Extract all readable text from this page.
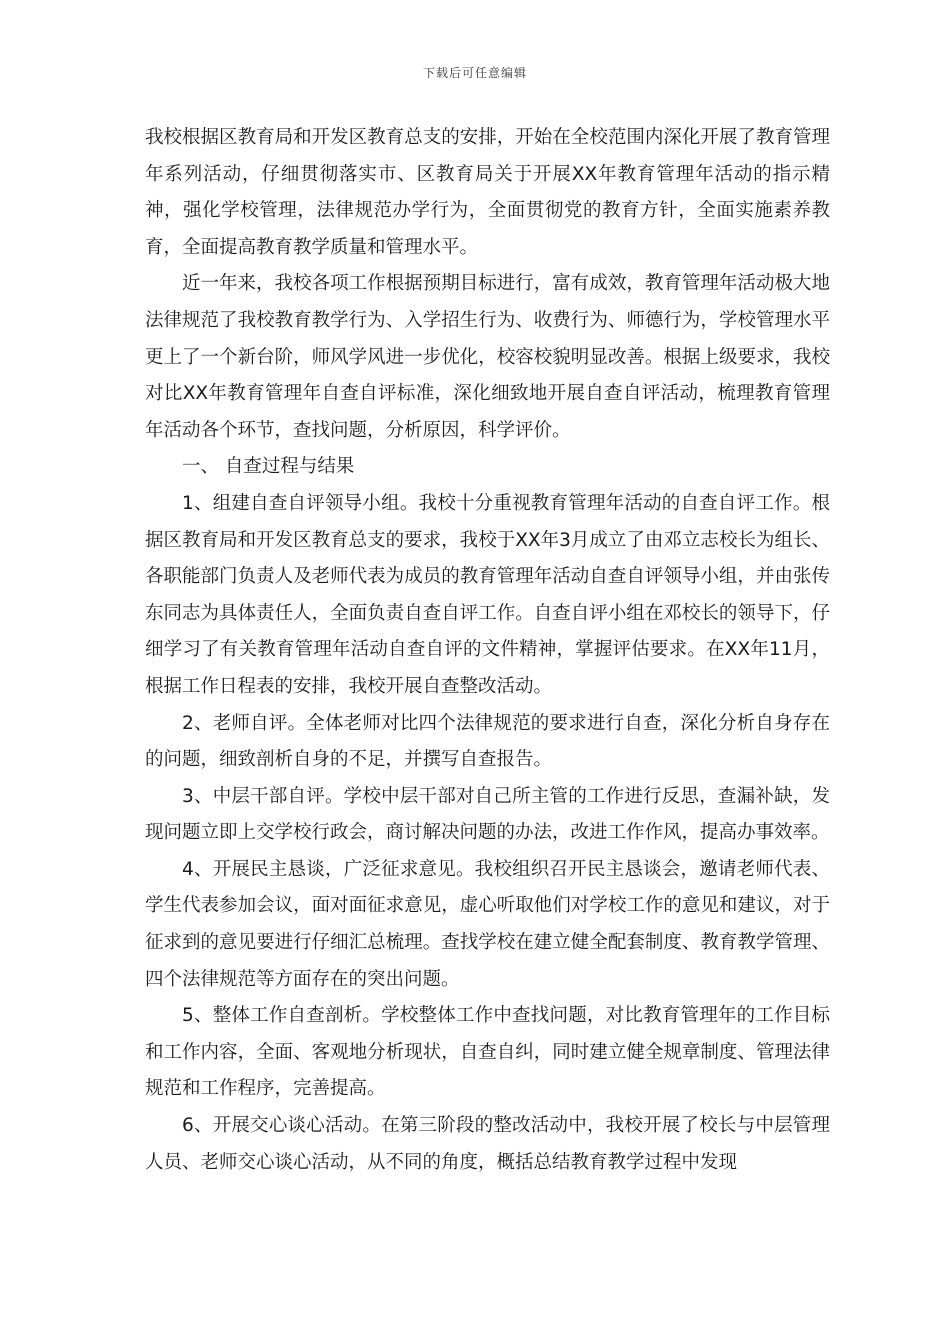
下载后可任意编辑

我校根据区教育局和开发区教育总支的安排，开始在全校范围内深化开展了教育管理年系列活动，仔细贯彻落实市、区教育局关于开展XX年教育管理年活动的指示精神，强化学校管理，法律规范办学行为，全面贯彻党的教育方针，全面实施素养教育，全面提高教育教学质量和管理水平。

近一年来，我校各项工作根据预期目标进行，富有成效，教育管理年活动极大地法律规范了我校教育教学行为、入学招生行为、收费行为、师德行为，学校管理水平更上了一个新台阶，师风学风进一步优化，校容校貌明显改善。根据上级要求，我校对比XX年教育管理年自查自评标准，深化细致地开展自查自评活动，梳理教育管理年活动各个环节，查找问题，分析原因，科学评价。

一、 自查过程与结果

1、组建自查自评领导小组。我校十分重视教育管理年活动的自查自评工作。根据区教育局和开发区教育总支的要求，我校于XX年3月成立了由邓立志校长为组长、各职能部门负责人及老师代表为成员的教育管理年活动自查自评领导小组，并由张传东同志为具体责任人，全面负责自查自评工作。自查自评小组在邓校长的领导下，仔细学习了有关教育管理年活动自查自评的文件精神，掌握评估要求。在XX年11月，根据工作日程表的安排，我校开展自查整改活动。

2、老师自评。全体老师对比四个法律规范的要求进行自查，深化分析自身存在的问题，细致剖析自身的不足，并撰写自查报告。

3、中层干部自评。学校中层干部对自己所主管的工作进行反思，查漏补缺，发现问题立即上交学校行政会，商讨解决问题的办法，改进工作作风，提高办事效率。

4、开展民主恳谈，广泛征求意见。我校组织召开民主恳谈会，邀请老师代表、学生代表参加会议，面对面征求意见，虚心听取他们对学校工作的意见和建议，对于征求到的意见要进行仔细汇总梳理。查找学校在建立健全配套制度、教育教学管理、四个法律规范等方面存在的突出问题。

5、整体工作自查剖析。学校整体工作中查找问题，对比教育管理年的工作目标和工作内容，全面、客观地分析现状，自查自纠，同时建立健全规章制度、管理法律规范和工作程序，完善提高。

6、开展交心谈心活动。在第三阶段的整改活动中，我校开展了校长与中层管理人员、老师交心谈心活动，从不同的角度，概括总结教育教学过程中发现
